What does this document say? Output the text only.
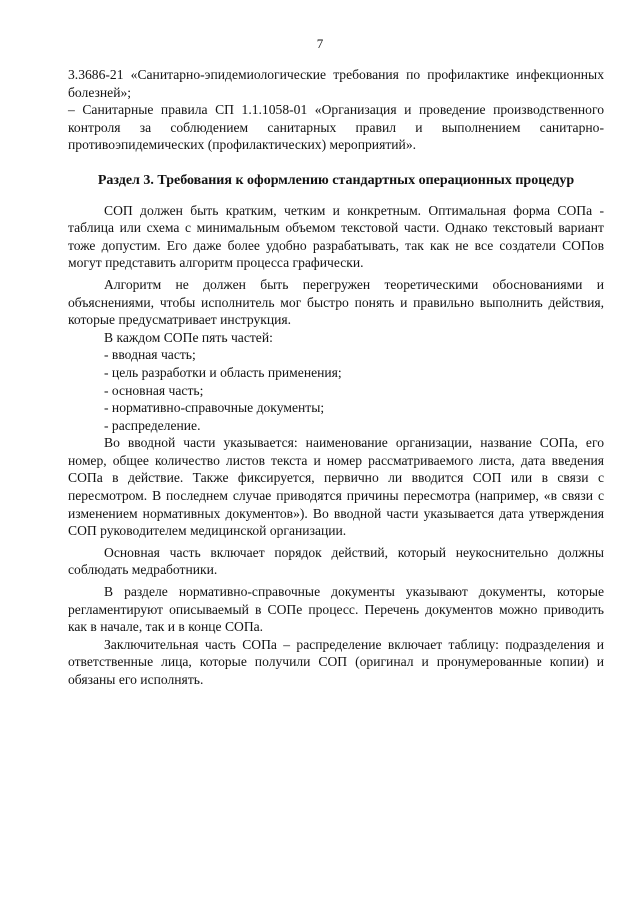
7

3.3686-21 «Санитарно-эпидемиологические требования по профилактике инфекционных болезней»;

– Санитарные правила СП 1.1.1058-01 «Организация и проведение производственного контроля за соблюдением санитарных правил и выполнением санитарно- противоэпидемических (профилактических) мероприятий».

Раздел 3. Требования к оформлению стандартных операционных процедур

СОП должен быть кратким, четким и конкретным. Оптимальная форма СОПа - таблица или схема с минимальным объемом текстовой части. Однако текстовый вариант тоже допустим. Его даже более удобно разрабатывать, так как не все создатели СОПов могут представить алгоритм процесса графически.

Алгоритм не должен быть перегружен теоретическими обоснованиями и объяснениями, чтобы исполнитель мог быстро понять и правильно выполнить действия, которые предусматривает инструкция.

В каждом СОПе пять частей:

- вводная часть;

- цель разработки и область применения;

- основная часть;

- нормативно-справочные документы;

- распределение.

Во вводной части указывается: наименование организации, название СОПа, его номер, общее количество листов текста и номер рассматриваемого листа, дата введения СОПа в действие. Также фиксируется, первично ли вводится СОП или в связи с пересмотром. В последнем случае приводятся причины пересмотра (например, «в связи с изменением нормативных документов»). Во вводной части указывается дата утверждения СОП руководителем медицинской организации.

Основная часть включает порядок действий, который неукоснительно должны соблюдать медработники.

В разделе нормативно-справочные документы указывают документы, которые регламентируют описываемый в СОПе процесс. Перечень документов можно приводить как в начале, так и в конце СОПа.

Заключительная часть СОПа – распределение включает таблицу: подразделения и ответственные лица, которые получили СОП (оригинал и пронумерованные копии) и обязаны его исполнять.
